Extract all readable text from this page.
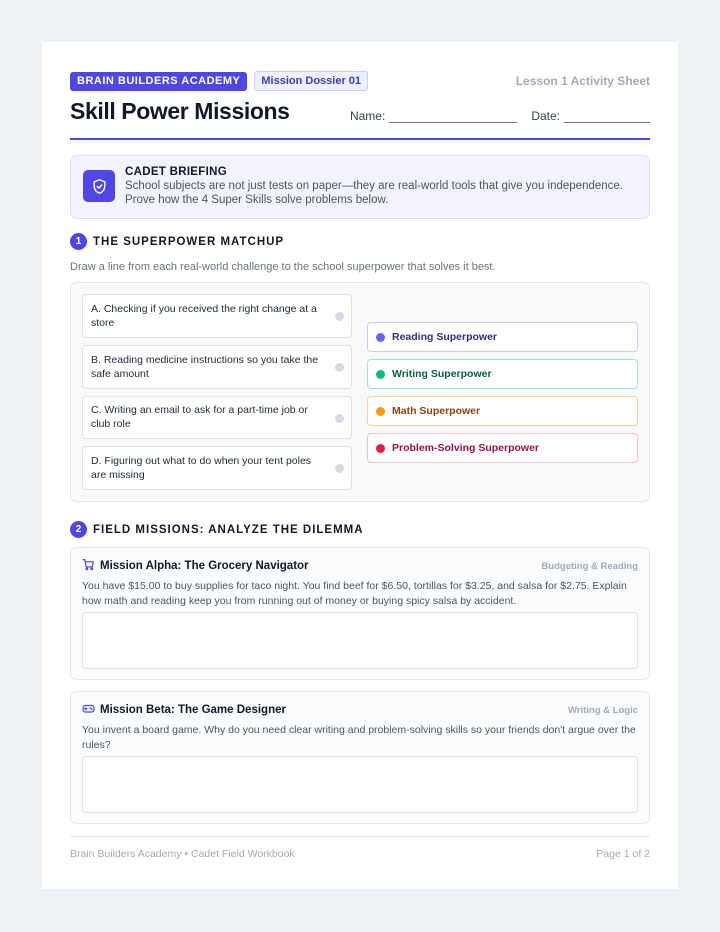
BRAIN BUILDERS ACADEMY	Mission Dossier 01	Lesson 1 Activity Sheet
Skill Power Missions	Name:	Date:
CADET BRIEFING
School subjects are not just tests on paper—they are real-world tools that give you independence. Prove how the 4 Super Skills solve problems below.
1	THE SUPERPOWER MATCHUP
Draw a line from each real-world challenge to the school superpower that solves it best.
A. Checking if you received the right change at a store
B. Reading medicine instructions so you take the safe amount
C. Writing an email to ask for a part-time job or club role
D. Figuring out what to do when your tent poles are missing
Reading Superpower
Writing Superpower
Math Superpower
Problem-Solving Superpower
2	FIELD MISSIONS: ANALYZE THE DILEMMA
Mission Alpha: The Grocery Navigator	Budgeting & Reading
You have $15.00 to buy supplies for taco night. You find beef for $6.50, tortillas for $3.25, and salsa for $2.75. Explain how math and reading keep you from running out of money or buying spicy salsa by accident.
Mission Beta: The Game Designer	Writing & Logic
You invent a board game. Why do you need clear writing and problem-solving skills so your friends don't argue over the rules?
Brain Builders Academy • Cadet Field Workbook	Page 1 of 2
